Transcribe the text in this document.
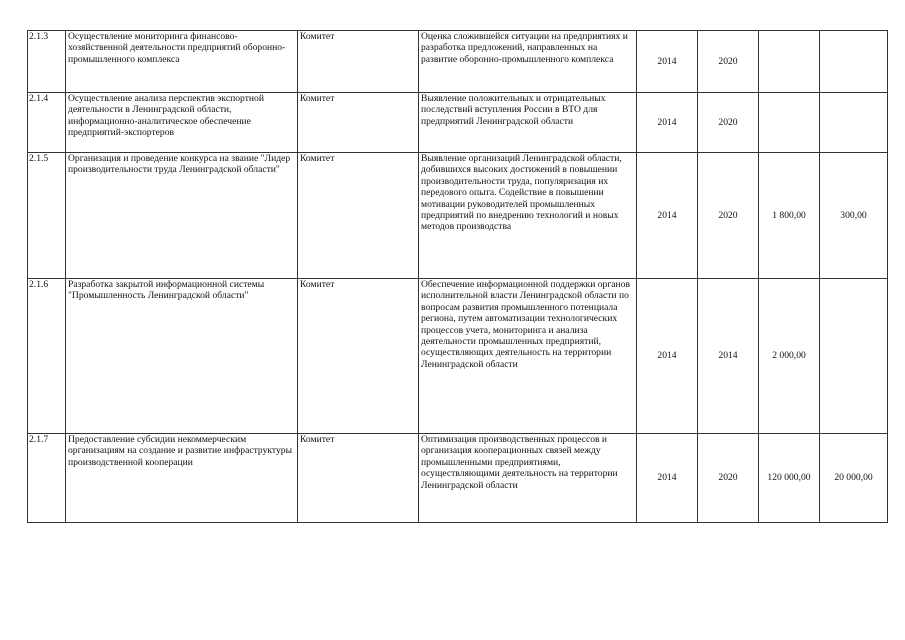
2.1.3	Осуществление мониторинга финансово-хозяйственной деятельности предприятий оборонно-промышленного комплекса	Комитет	Оценка сложившейся ситуации на предприятиях и разработка предложений, направленных на развитие оборонно-промышленного комплекса	2014	2020		
2.1.4	Осуществление анализа перспектив экспортной деятельности в Ленинградской области, информационно-аналитическое обеспечение предприятий-экспортеров	Комитет	Выявление положительных и отрицательных последствий вступления России в ВТО для предприятий Ленинградской области	2014	2020		
2.1.5	Организация и проведение конкурса на звание "Лидер производительности труда Ленинградской области"	Комитет	Выявление организаций Ленинградской области, добившихся высоких достижений в повышении производительности труда, популяризация их передового опыта. Содействие в повышении мотивации руководителей промышленных предприятий по внедрению технологий и новых методов производства	2014	2020	1 800,00	300,00
2.1.6	Разработка закрытой информационной системы "Промышленность Ленинградской области"	Комитет	Обеспечение информационной поддержки органов исполнительной власти Ленинградской области по вопросам развития промышленного потенциала региона, путем автоматизации технологических процессов учета, мониторинга и анализа деятельности промышленных предприятий, осуществляющих деятельность на территории Ленинградской области	2014	2014	2 000,00	
2.1.7	Предоставление субсидии некоммерческим организациям на создание и развитие инфраструктуры производственной кооперации	Комитет	Оптимизация производственных процессов и организация кооперационных связей между промышленными предприятиями, осуществляющими деятельность на территории Ленинградской области	2014	2020	120 000,00	20 000,00
